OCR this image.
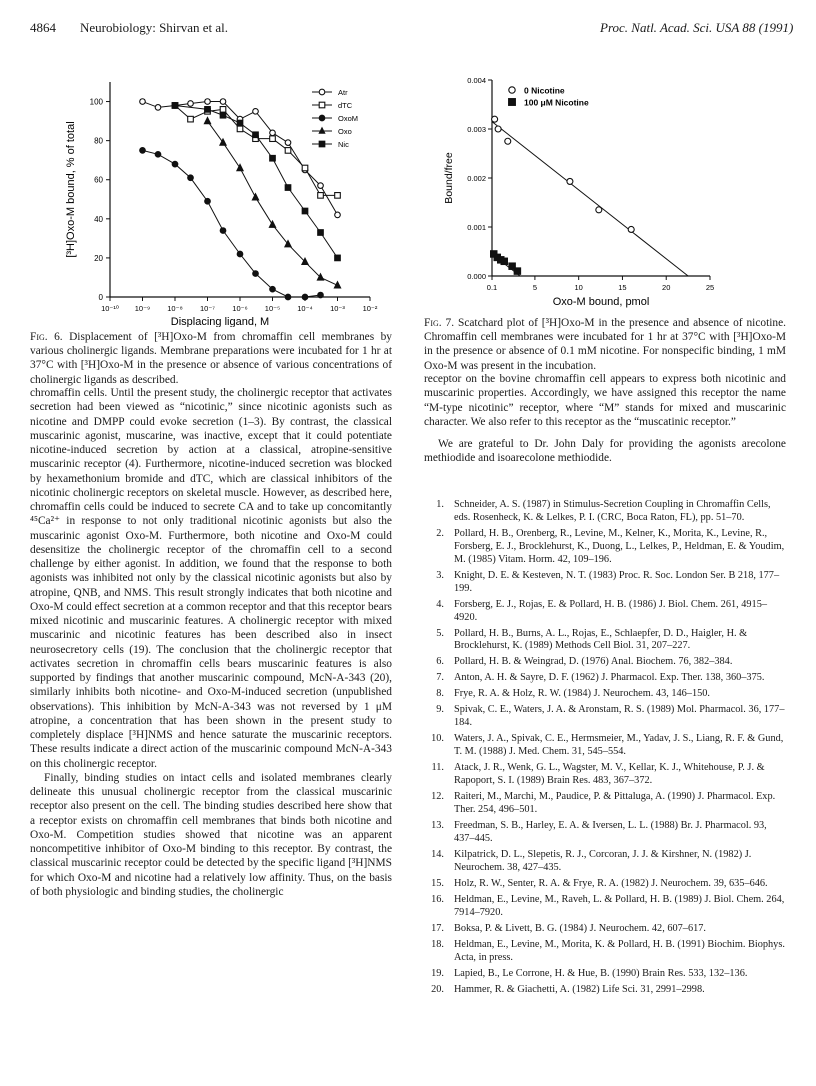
4864 Neurobiology: Shirvan et al.	Proc. Natl. Acad. Sci. USA 88 (1991)
0
20
40
60
80
100
10⁻¹⁰ 10⁻⁹ 10⁻⁸ 10⁻⁷ 10⁻⁶ 10⁻⁵ 10⁻⁴ 10⁻³ 10⁻²
Displacing ligand, M
[³H]Oxo-M bound, % of total
Atr
dTC
OxoM
Oxo
Nic
0.000
0.001
0.002
0.003
0.004
0.1	5	10	15	20	25
Oxo-M bound, pmol
Bound/free
0 Nicotine
100 μM Nicotine
Fig. 6. Displacement of [³H]Oxo-M from chromaffin cell membranes by various cholinergic ligands. Membrane preparations were incubated for 1 hr at 37°C with [³H]Oxo-M in the presence or absence of various concentrations of cholinergic ligands as described.
Fig. 7. Scatchard plot of [³H]Oxo-M in the presence and absence of nicotine. Chromaffin cell membranes were incubated for 1 hr at 37°C with [³H]Oxo-M in the presence or absence of 0.1 mM nicotine. For nonspecific binding, 1 mM Oxo-M was present in the incubation.

chromaffin cells. Until the present study, the cholinergic receptor that activates secretion had been viewed as “nicotinic,” since nicotinic agonists such as nicotine and DMPP could evoke secretion (1–3). By contrast, the classical muscarinic agonist, muscarine, was inactive, except that it could potentiate nicotine-induced secretion by action at a classical, atropine-sensitive muscarinic receptor (4). Furthermore, nicotine-induced secretion was blocked by hexamethonium bromide and dTC, which are classical inhibitors of the nicotinic cholinergic receptors on skeletal muscle. However, as described here, chromaffin cells could be induced to secrete CA and to take up concomitantly ⁴⁵Ca²⁺ in response to not only traditional nicotinic agonists but also the muscarinic agonist Oxo-M. Furthermore, both nicotine and Oxo-M could desensitize the cholinergic receptor of the chromaffin cell to a second challenge by either agonist. In addition, we found that the response to both agonists was inhibited not only by the classical nicotinic agonists but also by atropine, QNB, and NMS. This result strongly indicates that both nicotine and Oxo-M could effect secretion at a common receptor and that this receptor bears mixed nicotinic and muscarinic features. A cholinergic receptor with mixed muscarinic and nicotinic features has been described also in insect neurosecretory cells (19). The conclusion that the cholinergic receptor that activates secretion in chromaffin cells bears muscarinic features is also supported by findings that another muscarinic compound, McN-A-343 (20), similarly inhibits both nicotine- and Oxo-M-induced secretion (unpublished observations). This inhibition by McN-A-343 was not reversed by 1 μM atropine, a concentration that has been shown in the present study to completely displace [³H]NMS and hence saturate the muscarinic receptors. These results indicate a direct action of the muscarinic compound McN-A-343 on this cholinergic receptor.

Finally, binding studies on intact cells and isolated membranes clearly delineate this unusual cholinergic receptor from the classical muscarinic receptor also present on the cell. The binding studies described here show that a receptor exists on chromaffin cell membranes that binds both nicotine and Oxo-M. Competition studies showed that nicotine was an apparent noncompetitive inhibitor of Oxo-M binding to this receptor. By contrast, the classical muscarinic receptor could be detected by the specific ligand [³H]NMS for which Oxo-M and nicotine had a relatively low affinity. Thus, on the basis of both physiologic and binding studies, the cholinergic

receptor on the bovine chromaffin cell appears to express both nicotinic and muscarinic properties. Accordingly, we have assigned this receptor the name “M-type nicotinic” receptor, where “M” stands for mixed and muscarinic character. We also refer to this receptor as the “muscatinic receptor.”

We are grateful to Dr. John Daly for providing the agonists arecolone methiodide and isoarecolone methiodide.
1. Schneider, A. S. (1987) in Stimulus-Secretion Coupling in Chromaffin Cells, eds. Rosenheck, K. & Lelkes, P. I. (CRC, Boca Raton, FL), pp. 51–70.
2. Pollard, H. B., Orenberg, R., Levine, M., Kelner, K., Morita, K., Levine, R., Forsberg, E. J., Brocklehurst, K., Duong, L., Lelkes, P., Heldman, E. & Youdim, M. (1985) Vitam. Horm. 42, 109–196.
3. Knight, D. E. & Kesteven, N. T. (1983) Proc. R. Soc. London Ser. B 218, 177–199.
4. Forsberg, E. J., Rojas, E. & Pollard, H. B. (1986) J. Biol. Chem. 261, 4915–4920.
5. Pollard, H. B., Burns, A. L., Rojas, E., Schlaepfer, D. D., Haigler, H. & Brocklehurst, K. (1989) Methods Cell Biol. 31, 207–227.
6. Pollard, H. B. & Weingrad, D. (1976) Anal. Biochem. 76, 382–384.
7. Anton, A. H. & Sayre, D. F. (1962) J. Pharmacol. Exp. Ther. 138, 360–375.
8. Frye, R. A. & Holz, R. W. (1984) J. Neurochem. 43, 146–150.
9. Spivak, C. E., Waters, J. A. & Aronstam, R. S. (1989) Mol. Pharmacol. 36, 177–184.
10. Waters, J. A., Spivak, C. E., Hermsmeier, M., Yadav, J. S., Liang, R. F. & Gund, T. M. (1988) J. Med. Chem. 31, 545–554.
11. Atack, J. R., Wenk, G. L., Wagster, M. V., Kellar, K. J., Whitehouse, P. J. & Rapoport, S. I. (1989) Brain Res. 483, 367–372.
12. Raiteri, M., Marchi, M., Paudice, P. & Pittaluga, A. (1990) J. Pharmacol. Exp. Ther. 254, 496–501.
13. Freedman, S. B., Harley, E. A. & Iversen, L. L. (1988) Br. J. Pharmacol. 93, 437–445.
14. Kilpatrick, D. L., Slepetis, R. J., Corcoran, J. J. & Kirshner, N. (1982) J. Neurochem. 38, 427–435.
15. Holz, R. W., Senter, R. A. & Frye, R. A. (1982) J. Neurochem. 39, 635–646.
16. Heldman, E., Levine, M., Raveh, L. & Pollard, H. B. (1989) J. Biol. Chem. 264, 7914–7920.
17. Boksa, P. & Livett, B. G. (1984) J. Neurochem. 42, 607–617.
18. Heldman, E., Levine, M., Morita, K. & Pollard, H. B. (1991) Biochim. Biophys. Acta, in press.
19. Lapied, B., Le Corrone, H. & Hue, B. (1990) Brain Res. 533, 132–136.
20. Hammer, R. & Giachetti, A. (1982) Life Sci. 31, 2991–2998.
